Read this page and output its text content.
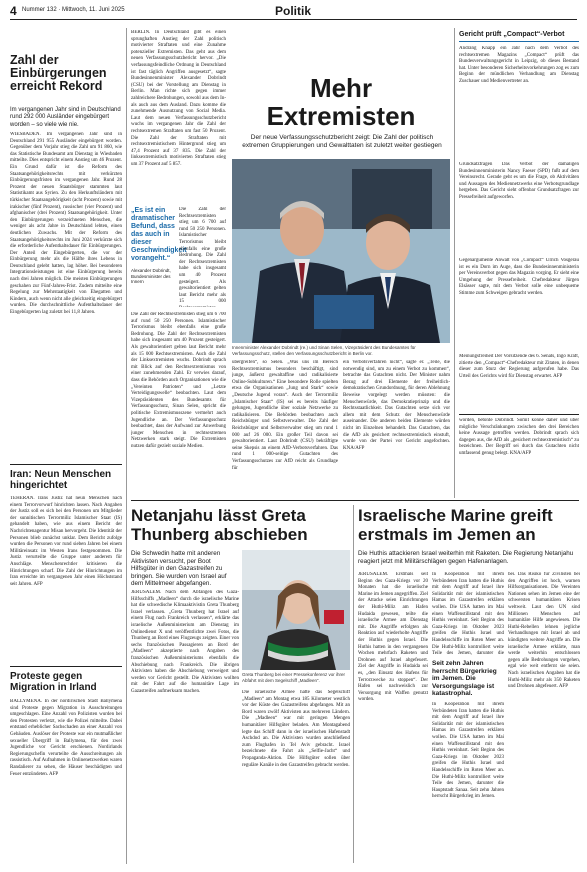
4 Nummer 132 · Mittwoch, 11. Juni 2025	Politik
Zahl der Einbürgerungen erreicht Rekord
Im vergangenen Jahr sind in Deutschland rund 292 000 Ausländer eingebürgert worden – so viele wie nie.
WIESBADEN. Im vergangenen Jahr sind in Deutschland 291 955 Ausländer eingebürgert worden. Gegenüber dem Vorjahr stieg die Zahl um 91 860, wie das Statistische Bundesamt am Dienstag in Wiesbaden mitteilte. Dies entspricht einem Anstieg um 46 Prozent. Ein Grund dafür ist die Reform des Staatsangehörigkeitsrechts mit verkürzten Einbürgerungsfristen im vergangenen Jahr. Rund 28 Prozent der neuen Staatsbürger stammten laut Statistikamt aus Syrien. Zu den Herkunftsländern mit türkischer Staatsangehörigkeit (acht Prozent) sowie mit irakischer (fünf Prozent), russischer (vier Prozent) und afghanischer (drei Prozent) Staatsangehörigkeit. Unter den Einbürgerungen verzeichneten Menschen, die weniger als acht Jahre in Deutschland lebten, einen deutlichen Zuwachs. Mit der Reform des Staatsangehörigkeitsrechts im Juni 2024 verkürzte sich die erforderliche Aufenthaltsdauer für Einbürgerungen. Der Anteil der Eingebürgerten, die vor der Einbürgerung mehr als die Hälfte ihres Lebens in Deutschland gelebt hatten, lag höher. Bei besonderen Integrationsleistungen ist eine Einbürgerung bereits nach drei Jahren möglich. Die meisten Einbürgerungen geschahen zur Fünf-Jahres-Frist. Zudem mitteilte eine Regelung zur Mehrstaatigkeit von Ehegatten und Kindern, auch wenn nicht alle gleichzeitig eingebürgert wurden. Die durchschnittliche Aufenthaltsdauer der Eingebürgerten lag zuletzt bei 11,8 Jahren.
Iran: Neun Menschen hingerichtet
TEHERAN. Irans Justiz hat neun Menschen nach einem Terrorvorwurf hinrichten lassen. Nach Angaben der Justiz soll es sich bei den Personen um Mitglieder der sunnitischen Terrormiliz Islamischer Staat (IS) gehandelt haben, wie aus einem Bericht der Nachrichtenagentur Misan hervorgeht. Die Identität der Personen blieb zunächst unklar. Dem Bericht zufolge wurden die Personen vor rund sieben Jahren bei einem Militäreinsatz im Westen Irans festgenommen. Die Justiz verurteilte die Gruppe unter anderem für Anschläge. Menschenrechtler kritisieren die Hinrichtungen scharf. Die Zahl der Hinrichtungen im Iran erreichte im vergangenen Jahr einen Höchststand seit Jahren. AFP
Proteste gegen Migration in Irland
BALLYMENA. In der nordirischen Stadt Ballymena sind Proteste gegen Migration in Ausschreitungen umgeschlagen. Eine Anzahl von Polizisten wurden bei den Protesten verletzt, wie die Polizei mitteilte. Dabei entstand erheblicher Sachschaden an einer Anzahl von Gebäuden. Auslöser der Proteste war ein mutmaßlicher sexueller Übergriff in Ballymena, für den zwei Jugendliche vor Gericht erschienen. Nordirlands Regierungschefin verurteilte die Ausschreitungen als rassistisch. Auf Aufnahmen in Onlinenetzwerken waren Randalierer zu sehen, die Häuser beschädigten und Feuer entzündeten. AFP
BERLIN. In Deutschland gibt es einen sprunghaften Anstieg der Zahl politisch motivierter Straftaten und eine Zunahme potenzieller Extremisten. Das geht aus dem neuen Verfassungsschutzbericht hervor. „Die verfassungsfeindliche Ordnung in Deutschland ist fast täglich Angriffen ausgesetzt“, sagte Bundesinnenminister Alexander Dobrindt (CSU) bei der Vorstellung am Dienstag in Berlin. Man richte sich gegen immer zahlreichere Bedrohungen, sowohl aus dem In- als auch aus dem Ausland. Dazu komme die zunehmende Ausnutzung von Social Media. Laut dem neuen Verfassungsschutzbericht wuchs im vergangenen Jahr die Zahl der rechtsextremen Straftaten um fast 50 Prozent. Die Zahl der Straftaten mit rechtsextremistischem Hintergrund stieg um 47,4 Prozent auf 37 835. Die Zahl der linksextremistisch motivierten Straftaten stieg um 37 Prozent auf 5 857.
„Es ist ein dramatischer Befund, dass das auch in dieser Geschwindigkeit vorangeht.“
Alexander Dobrindt, Bundesminister des Innern
Die Zahl der Rechtsextremisten stieg um 6 700 auf rund 50 250 Personen. Islamistischer Terrorismus bleibt ebenfalls eine große Bedrohung. Die Zahl der Rechtsextremisten habe sich insgesamt um 40 Prozent gesteigert. Als gewaltorientiert gelten laut Bericht mehr als 15 000
Die Zahl der Rechtsextremisten stieg um 6 700 auf rund 50 250 Personen. Islamistischer Terrorismus bleibt ebenfalls eine große Bedrohung. Die Zahl der Rechtsextremisten habe sich insgesamt um 40 Prozent gesteigert. Als gewaltorientiert gelten laut Bericht mehr als 15 000 Rechtsextremisten. Auch die Zahl der Linksextremisten wuchs. Dobrindt sprach mit Blick auf den Rechtsextremismus von einer zunehmenden Zahl. Er verwies darauf, dass die Behörden auch Organisationen wie die „Vereinten Patrioten“ und „Letzte Verteidigungswelle“ beobachten. Laut dem Vizepräsidenten des Bundesamts für Verfassungsschutz, Sinan Selen, spricht die politische Extremismusszene vermehrt auch Jugendliche an. Der Verfassungsschutz beobachtet, dass der Aufwand zur Anwerbung junger Menschen in rechtsextremen Netzwerken stark steigt. Die Extremisten nutzen dafür gezielt soziale Medien.
Mehr Extremisten
Der neue Verfassungsschutzbericht zeigt: Die Zahl der politisch extremen Gruppierungen und Gewalttaten ist zuletzt weiter gestiegen
Innenminister Alexander Dobrindt (re.) und Sinan Selen, Vizepräsident des Bundesamtes für Verfassungsschutz, stellen den Verfassungsschutzbericht in Berlin vor.
übergreifen“, so Selen. „Was uns im Bereich Rechtsextremismus besonders beschäftigt, sind junge, äußerst gewaltaffine und radikalisierte Online-Subkulturen.“ Eine besondere Rolle spielten etwa die Organisationen „Jung und Stark“ sowie „Deutsche Jugend voran“. Auch der Terrormiliz „Islamischer Staat“ (IS) sei es bereits häufiger gelungen, Jugendliche über soziale Netzwerke zu radikalisieren. Die Behörden beobachten auch Reichsbürger und Selbstverwalter. Die Zahl der Reichsbürger und Selbstverwalter stieg um rund 1 000 auf 26 000. Ein großer Teil davon sei gewaltorientiert. Laut Dobrindt (CSU) bekräftigte seine Skepsis an einem AfD-Verbotsverfahren. Das rund 1 000-seitige Gutachten des Verfassungsschutzes zur AfD reicht als Grundlage für
ein Verbotsverfahren nicht“, sagte er. „Teile, die notwendig sind, um zu einem Verbot zu kommen“, betrachte das Gutachten nicht. Der Minister nahm Bezug auf drei Elemente der freiheitlich-demokratischen Grundordnung, für deren Ablehnung Beweise vorgelegt werden müssten: die Menschenwürde, das Demokratieprinzip und die Rechtsstaatlichkeit. Das Gutachten setze sich vor allem mit dem Schutz der Menschenwürde auseinander. Die anderen beiden Elemente würden nicht im Einzelnen behandelt. Das Gutachten, das die AfD als gesichert rechtsextremistisch einstuft, wurde von der Partei vor Gericht angefochten. KNA/AFP
Gericht prüft „Compact“-Verbot
Andrang Knapp ein Jahr nach dem Verbot des rechtsextremen Magazins „Compact“ prüft das Bundesverwaltungsgericht in Leipzig, ob dieses Bestand hat. Unter besonderen Sicherheitsvorkehrungen zog es zum Beginn der mündlichen Verhandlung am Dienstag Zuschauer und Medienvertreter an.
Grundsatzfragen Das Verbot der damaligen Bundesinnenministerin Nancy Faeser (SPD) fußt auf dem Vereinsrecht. Gerade geht es um die Frage, ob Aktivitäten und Aussagen des Mediennetzwerks eine Verbotsgrundlage hergeben. Das Gericht sieht offenbar Grundsatzfragen zur Pressefreiheit aufgeworfen.
Gegenargumente Anwalt von „Compact“ Ulrich Vosgerau ist es ein Dorn im Auge, dass die Bundesinnenministerin per Vereinsverbot gegen das Magazin vorging. Er sieht eine Umgehung der Pressefreiheit. Chefredakteur Jürgen Elsässer sagte, mit dem Verbot solle eine unbequeme Stimme zum Schweigen gebracht werden.
Meinungsfreiheit Der Vorsitzende des 6. Senats, Ingo Kraft, zitierte den „Compact“-Chefredakteur mit Zitaten, in denen dieser zum Sturz der Regierung aufgerufen habe. Das Urteil des Gerichts wird für Dienstag erwartet. AFP
worden, betonte Dobrindt. Somit könne daher und über mögliche Verschränkungen zwischen den drei Bereichen keine Aussage getroffen werden. Dobrindt sprach sich dagegen aus, die AfD als „gesichert rechtsextremistisch“ zu bezeichnen. Der Begriff sei durch das Gutachten nicht umfassend genug belegt. KNA/AFP
Netanjahu lässt Greta Thunberg abschieben
Die Schwedin hatte mit anderen Aktivisten versucht, per Boot Hilfsgüter in den Gazastreifen zu bringen. Sie wurden von Israel auf dem Mittelmeer abgefangen.
Greta Thunberg bei einer Pressekonferenz vor ihrer Abfahrt mit dem Segelschiff „Madleen“.
JERUSALEM. Nach dem Abfangen des Gaza-Hilfsschiffs „Madleen“ durch die israelische Marine hat die schwedische Klimaaktivistin Greta Thunberg Israel verlassen. „Greta Thunberg hat Israel auf einem Flug nach Frankreich verlassen“, erklärte das israelische Außenministerium am Dienstag im Onlinedienst X und veröffentlichte zwei Fotos, die Thunberg an Bord eines Flugzeugs zeigten. Einer von sechs französischen Passagieren an Bord der „Madleen“ akzeptierte nach Angaben des französischen Außenministeriums ebenfalls die Abschiebung nach Frankreich. Die übrigen Aktivisten haben die Abschiebung verweigert und werden vor Gericht gestellt. Die Aktivisten wollten mit der Fahrt auf die humanitäre Lage im Gazastreifen aufmerksam machen.	Die israelische Armee hatte das Segelschiff „Madleen“ am Montag etwa 185 Kilometer westlich vor der Küste des Gazastreifens abgefangen. Mit an Bord waren zwölf Aktivisten aus mehreren Ländern. Die „Madleen“ war mit geringen Mengen humanitärer Hilfsgüter beladen. Am Montagabend legte das Schiff dann in der israelischen Hafenstadt Aschdod an. Die Aktivisten wurden anschließend zum Flughafen in Tel Aviv gebracht. Israel bezeichnete die Fahrt als „Selfie-Jacht“ und Propaganda-Aktion. Die Hilfsgüter sollen über reguläre Kanäle in den Gazastreifen gebracht werden.
Israelische Marine greift erstmals im Jemen an
Die Huthis attackieren Israel weiterhin mit Raketen. Die Regierung Netanjahu reagiert jetzt mit Militärschlägen gegen Hafenanlagen.
JERUSALEM. Erstmals seit Beginn des Gaza-Kriegs vor 20 Monaten hat die israelische Marine im Jemen angegriffen. Ziel der Attacke seien Einrichtungen der Huthi-Miliz am Hafen Hudaida gewesen, teilte die israelische Armee am Dienstag mit. Die Angriffe erfolgten als Reaktion auf wiederholte Angriffe der Huthis gegen Israel. Die Huthis hatten in den vergangenen Wochen mehrfach Raketen und Drohnen auf Israel abgefeuert. Ziel der Angriffe in Hudaida sei es, „den Einsatz des Hafens für Terrorzwecke zu stoppen“. Der Hafen sei nachweislich zur Versorgung mit Waffen genutzt worden.
Seit zehn Jahren herrscht Bürgerkrieg im Jemen. Die Versorgungslage ist katastrophal.
In Kooperation mit ihrem Verbündeten Iran hatten die Huthis mit dem Angriff auf Israel ihre Solidarität mit der islamistischen Hamas im Gazastreifen erklären wollen. Die USA hatten im Mai einen Waffenstillstand mit den Huthis vereinbart. Seit Beginn des Gaza-Kriegs im Oktober 2023 greifen die Huthis Israel und Handelsschiffe im Roten Meer an. Die Huthi-Miliz kontrolliert weite Teile des Jemen, darunter die
In Kooperation mit ihrem Verbündeten Iran hatten die Huthis mit dem Angriff auf Israel ihre Solidarität mit der islamistischen Hamas im Gazastreifen erklären wollen. Die USA hatten im Mai einen Waffenstillstand mit den Huthis vereinbart. Seit Beginn des Gaza-Kriegs im Oktober 2023 greifen die Huthis Israel und Handelsschiffe im Roten Meer an. Die Huthi-Miliz kontrolliert weite Teile des Jemen, darunter die Hauptstadt Sanaa. Seit zehn Jahren herrscht Bürgerkrieg im Jemen.
bei. Das Risiko für Zivilisten bei den Angriffen ist hoch, warnen Hilfsorganisationen. Die Vereinten Nationen sehen im Jemen eine der schwersten humanitären Krisen weltweit. Laut den UN sind Millionen Menschen auf humanitäre Hilfe angewiesen. Die Huthi-Rebellen lehnen jegliche Verhandlungen mit Israel ab und kündigten weitere Angriffe an. Die israelische Armee erklärte, man werde weiterhin entschlossen gegen alle Bedrohungen vorgehen, egal wie weit entfernt sie seien. Nach israelischen Angaben hat die Huthi-Miliz mehr als 350 Raketen und Drohnen abgefeuert. AFP
